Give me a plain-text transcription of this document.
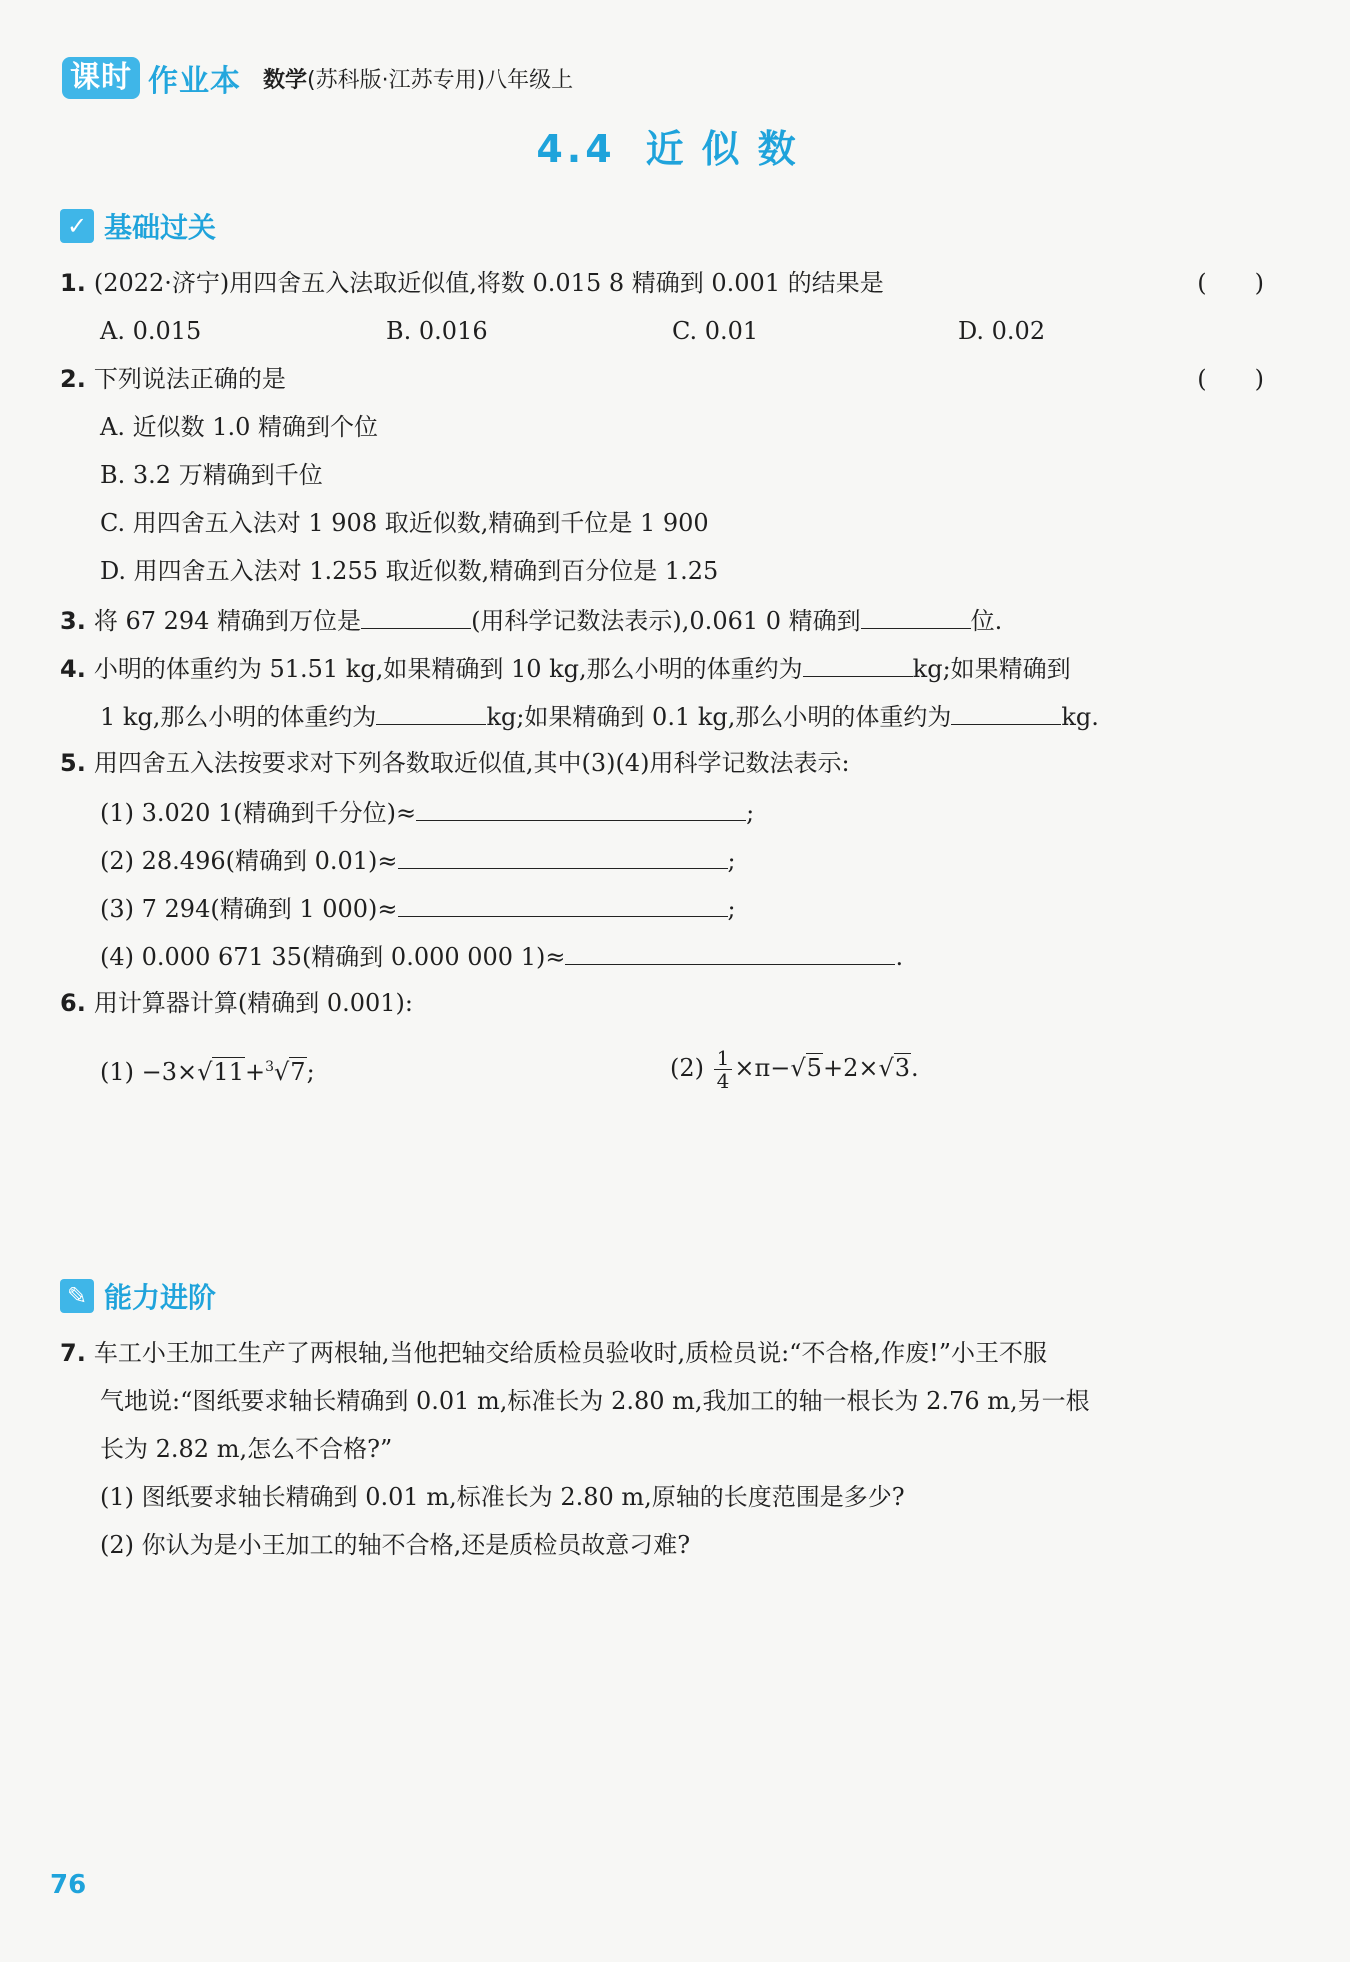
课时 作业本 数学(苏科版·江苏专用)八年级上
4.4 近似数
✓ 基础过关
1. (2022·济宁)用四舍五入法取近似值,将数 0.015 8 精确到 0.001 的结果是	(　　)
A. 0.015	B. 0.016	C. 0.01	D. 0.02
2. 下列说法正确的是	(　　)
A. 近似数 1.0 精确到个位
B. 3.2 万精确到千位
C. 用四舍五入法对 1 908 取近似数,精确到千位是 1 900
D. 用四舍五入法对 1.255 取近似数,精确到百分位是 1.25
3. 将 67 294 精确到万位是	(用科学记数法表示),0.061 0 精确到	位.
4. 小明的体重约为 51.51 kg,如果精确到 10 kg,那么小明的体重约为	kg;如果精确到
1 kg,那么小明的体重约为	kg;如果精确到 0.1 kg,那么小明的体重约为	kg.
5. 用四舍五入法按要求对下列各数取近似值,其中(3)(4)用科学记数法表示:
(1) 3.020 1(精确到千分位)≈	;
(2) 28.496(精确到 0.01)≈	;
(3) 7 294(精确到 1 000)≈	;
(4) 0.000 671 35(精确到 0.000 000 1)≈	.
6. 用计算器计算(精确到 0.001):
(1) −3×√11+$^3$√7;	$(2) \frac{1}{4} \times\pi-√5+2\times√3$.
✎ 能力进阶
7. 车工小王加工生产了两根轴,当他把轴交给质检员验收时,质检员说:“不合格,作废!”小王不服
气地说:“图纸要求轴长精确到 0.01 m,标准长为 2.80 m,我加工的轴一根长为 2.76 m,另一根
长为 2.82 m,怎么不合格?”
(1) 图纸要求轴长精确到 0.01 m,标准长为 2.80 m,原轴的长度范围是多少?
(2) 你认为是小王加工的轴不合格,还是质检员故意刁难?
76
